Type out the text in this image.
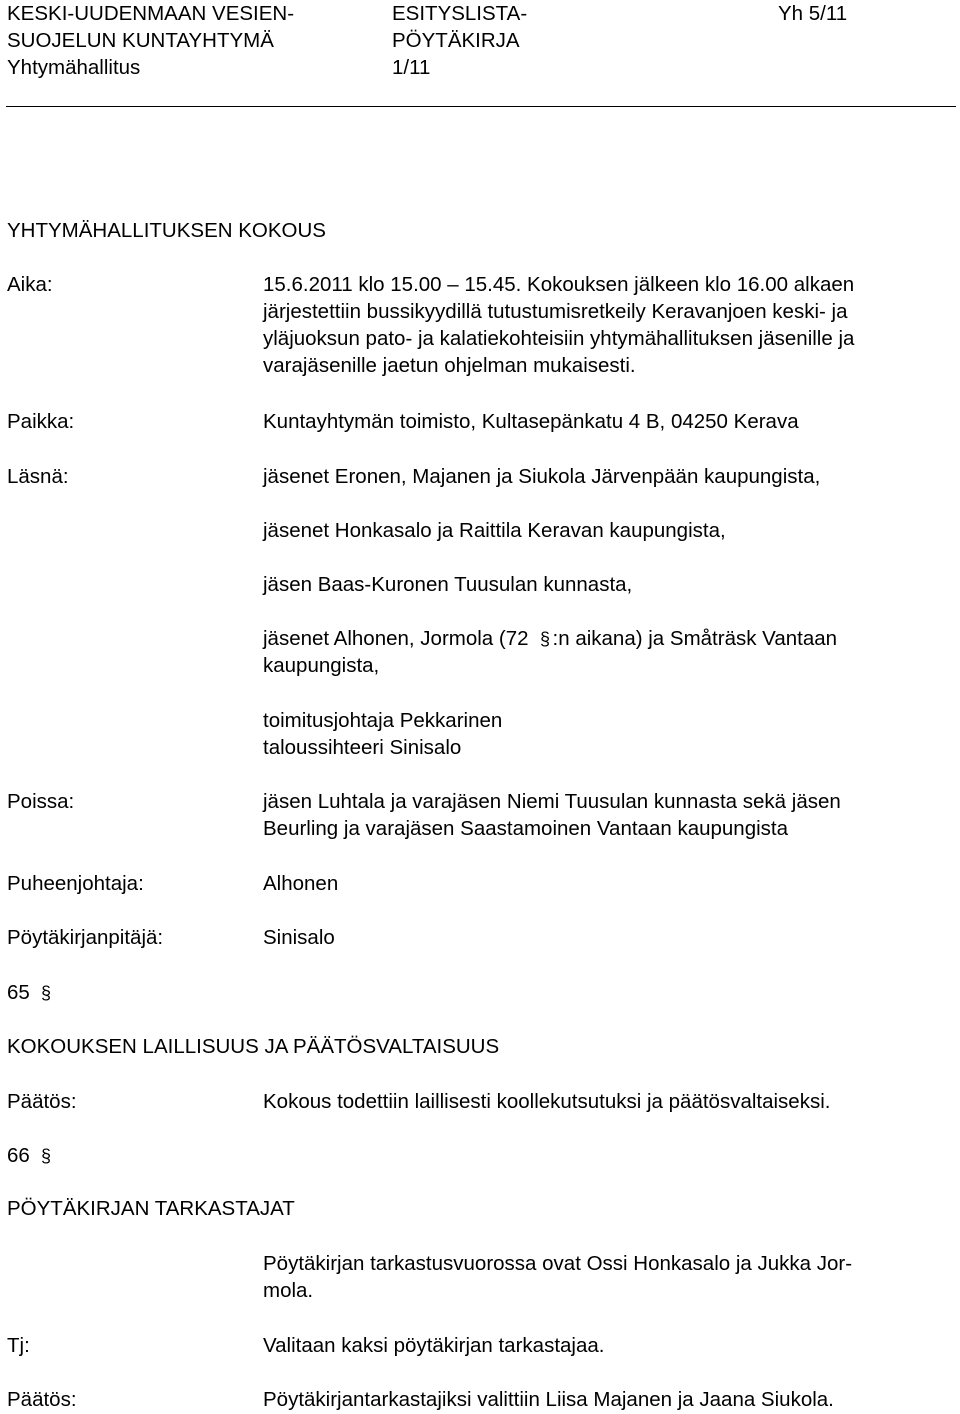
KESKI-UUDENMAAN VESIEN-
SUOJELUN KUNTAYHTYMÄ
Yhtymähallitus
ESITYSLISTA-
PÖYTÄKIRJA
1/11
Yh 5/11
YHTYMÄHALLITUKSEN KOKOUS
Aika:	15.6.2011 klo 15.00 – 15.45. Kokouksen jälkeen klo 16.00 alkaen
järjestettiin bussikyydillä tutustumisretkeily Keravanjoen keski- ja
yläjuoksun pato- ja kalatiekohteisiin yhtymähallituksen jäsenille ja
varajäsenille jaetun ohjelman mukaisesti.
Paikka:	Kuntayhtymän toimisto, Kultasepänkatu 4 B, 04250 Kerava
Läsnä:	jäsenet Eronen, Majanen ja Siukola Järvenpään kaupungista,
jäsenet Honkasalo ja Raittila Keravan kaupungista,
jäsen Baas-Kuronen Tuusulan kunnasta,
jäsenet Alhonen, Jormola (72 § :n aikana) ja Småträsk Vantaan
kaupungista,
toimitusjohtaja Pekkarinen
taloussihteeri Sinisalo
Poissa:	jäsen Luhtala ja varajäsen Niemi Tuusulan kunnasta sekä jäsen
Beurling ja varajäsen Saastamoinen Vantaan kaupungista
Puheenjohtaja:	Alhonen
Pöytäkirjanpitäjä:	Sinisalo
65 §
KOKOUKSEN LAILLISUUS JA PÄÄTÖSVALTAISUUS
Päätös:	Kokous todettiin laillisesti koollekutsutuksi ja päätösvaltaiseksi.
66 §
PÖYTÄKIRJAN TARKASTAJAT
Pöytäkirjan tarkastusvuorossa ovat Ossi Honkasalo ja Jukka Jor-
mola.
Tj:	Valitaan kaksi pöytäkirjan tarkastajaa.
Päätös:	Pöytäkirjantarkastajiksi valittiin Liisa Majanen ja Jaana Siukola.
